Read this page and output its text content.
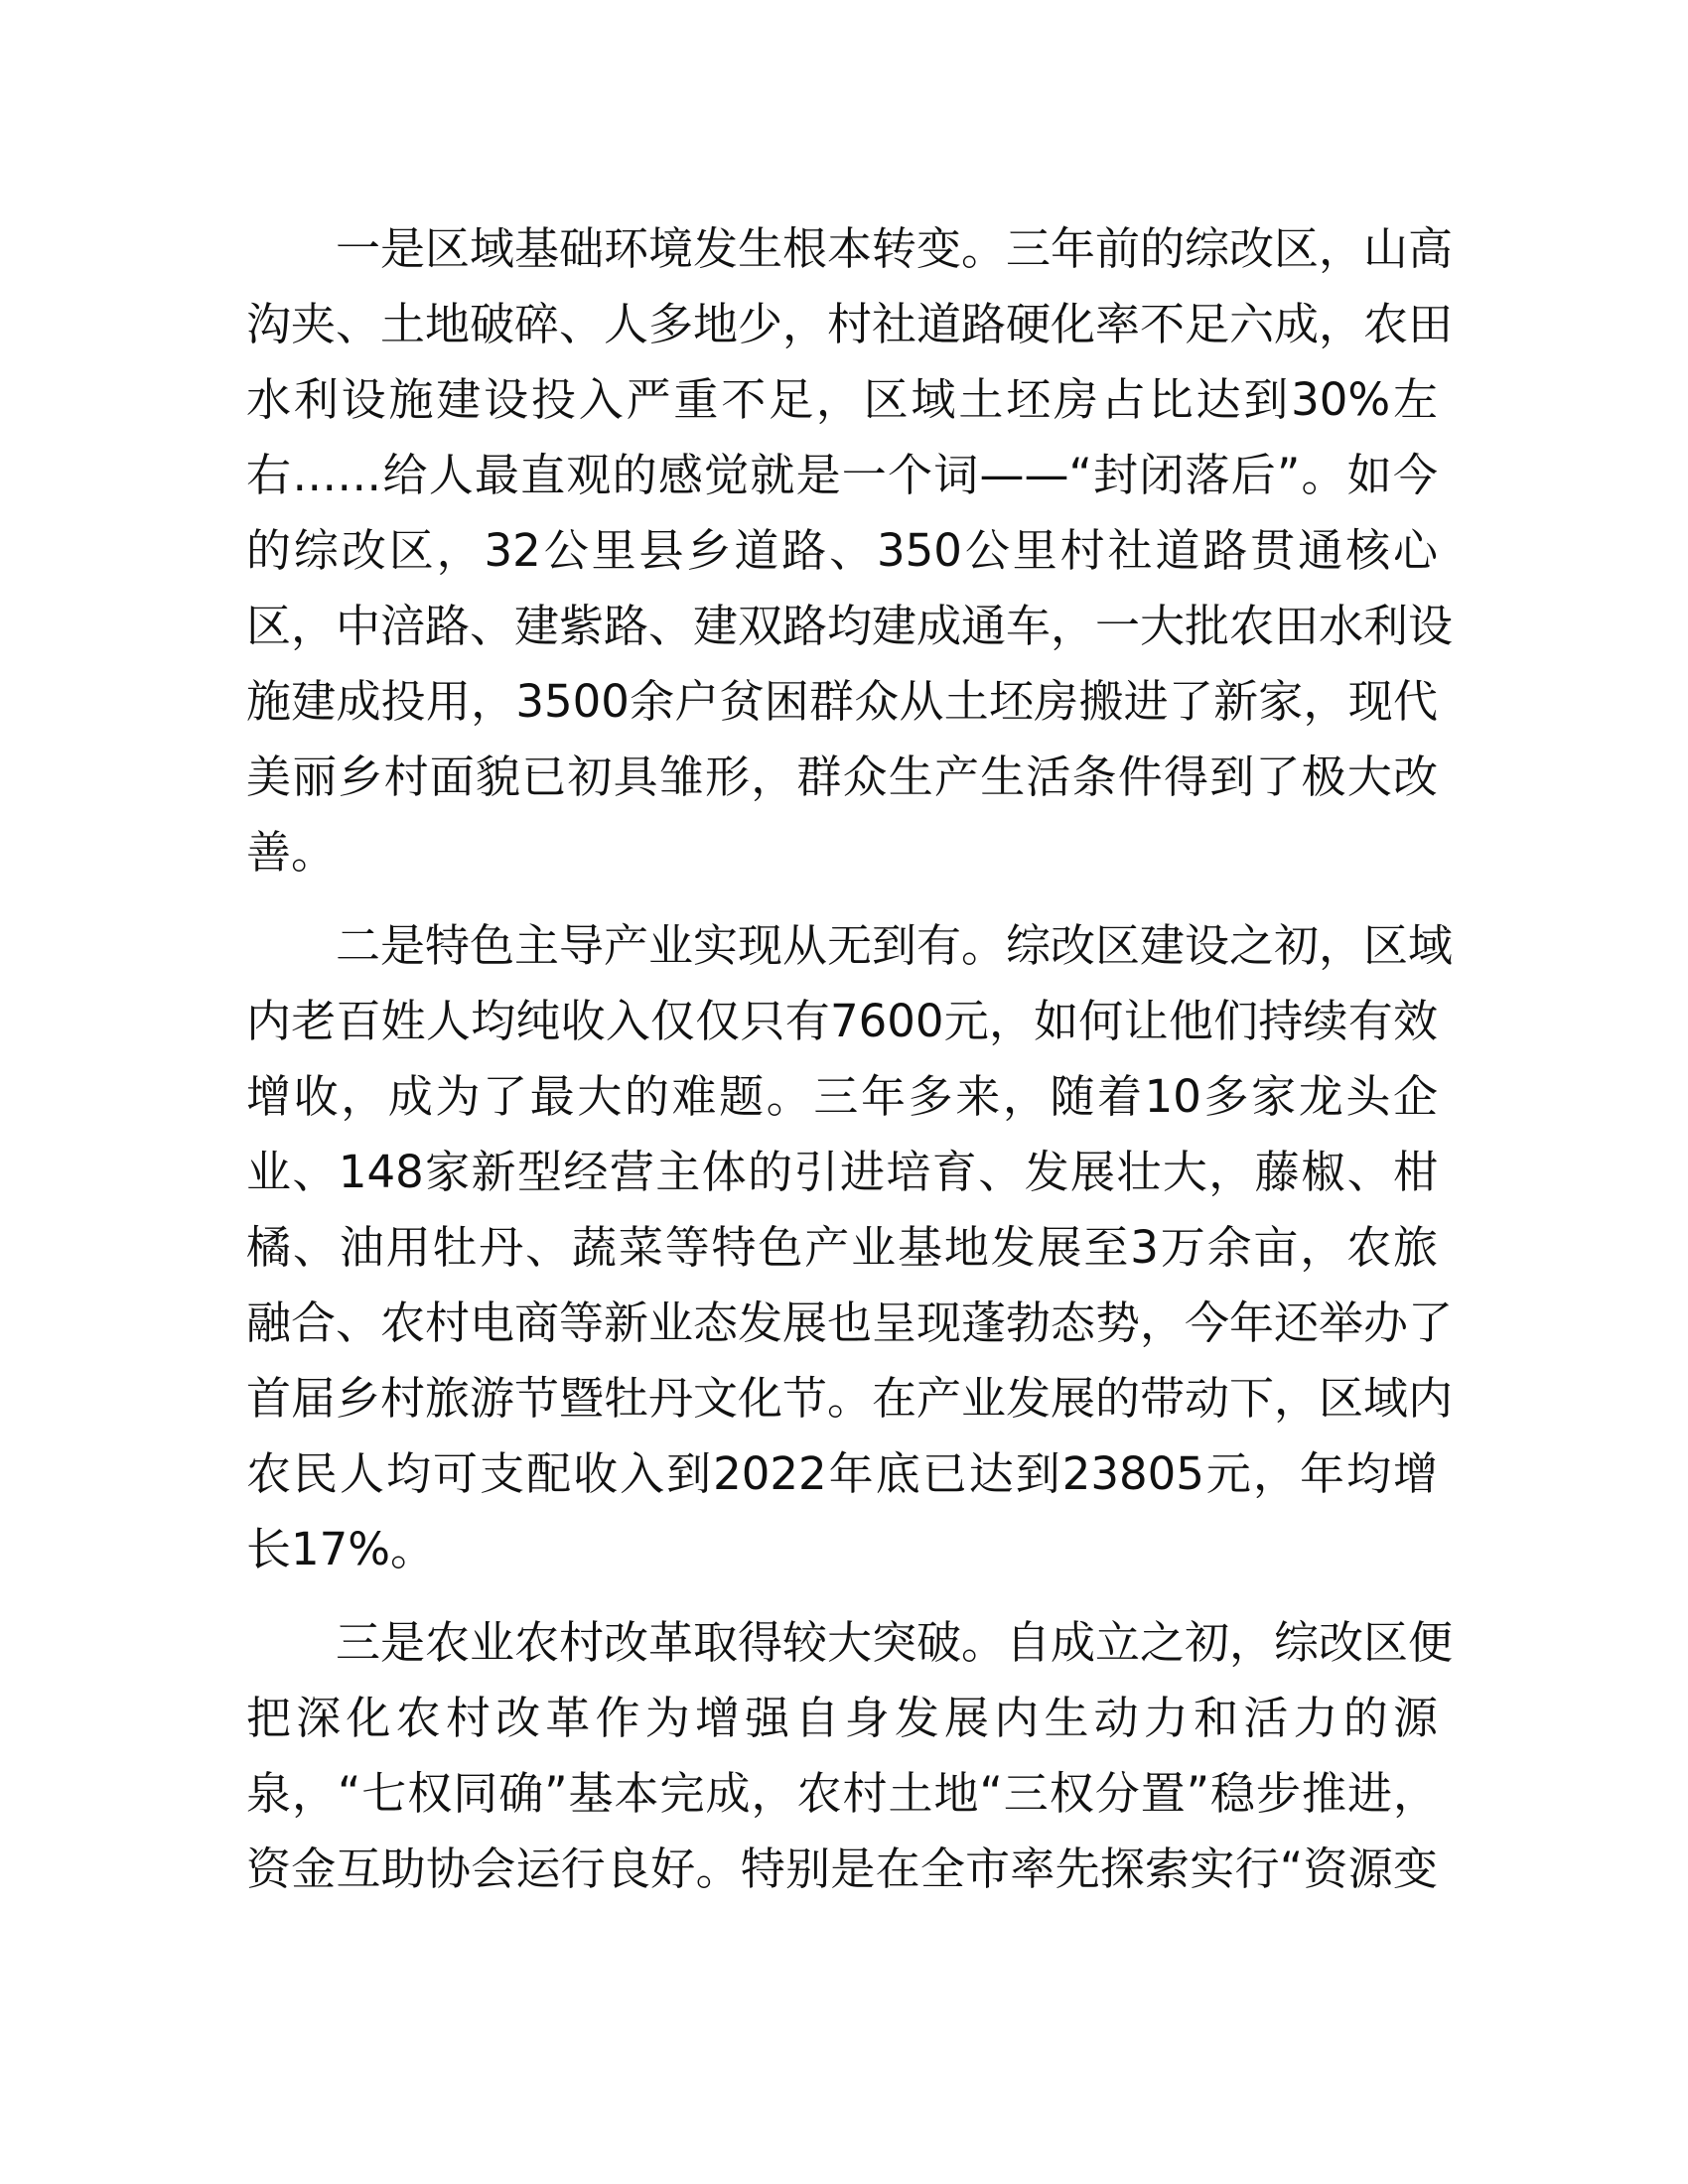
一是区域基础环境发生根本转变。三年前的综改区，山高

沟夹、土地破碎、人多地少，村社道路硬化率不足六成，农田

水利设施建设投入严重不足，区域土坯房占比达到30%左

右……给人最直观的感觉就是一个词——“封闭落后”。如今

的综改区，32公里县乡道路、350公里村社道路贯通核心

区，中涪路、建紫路、建双路均建成通车，一大批农田水利设

施建成投用，3500余户贫困群众从土坯房搬进了新家，现代

美丽乡村面貌已初具雏形，群众生产生活条件得到了极大改

善。

二是特色主导产业实现从无到有。综改区建设之初，区域

内老百姓人均纯收入仅仅只有7600元，如何让他们持续有效

增收，成为了最大的难题。三年多来，随着10多家龙头企

业、148家新型经营主体的引进培育、发展壮大，藤椒、柑

橘、油用牡丹、蔬菜等特色产业基地发展至3万余亩，农旅

融合、农村电商等新业态发展也呈现蓬勃态势，今年还举办了

首届乡村旅游节暨牡丹文化节。在产业发展的带动下，区域内

农民人均可支配收入到2022年底已达到23805元，年均增

长17%。

三是农业农村改革取得较大突破。自成立之初，综改区便

把深化农村改革作为增强自身发展内生动力和活力的源

泉，“七权同确”基本完成，农村土地“三权分置”稳步推进，

资金互助协会运行良好。特别是在全市率先探索实行“资源变
